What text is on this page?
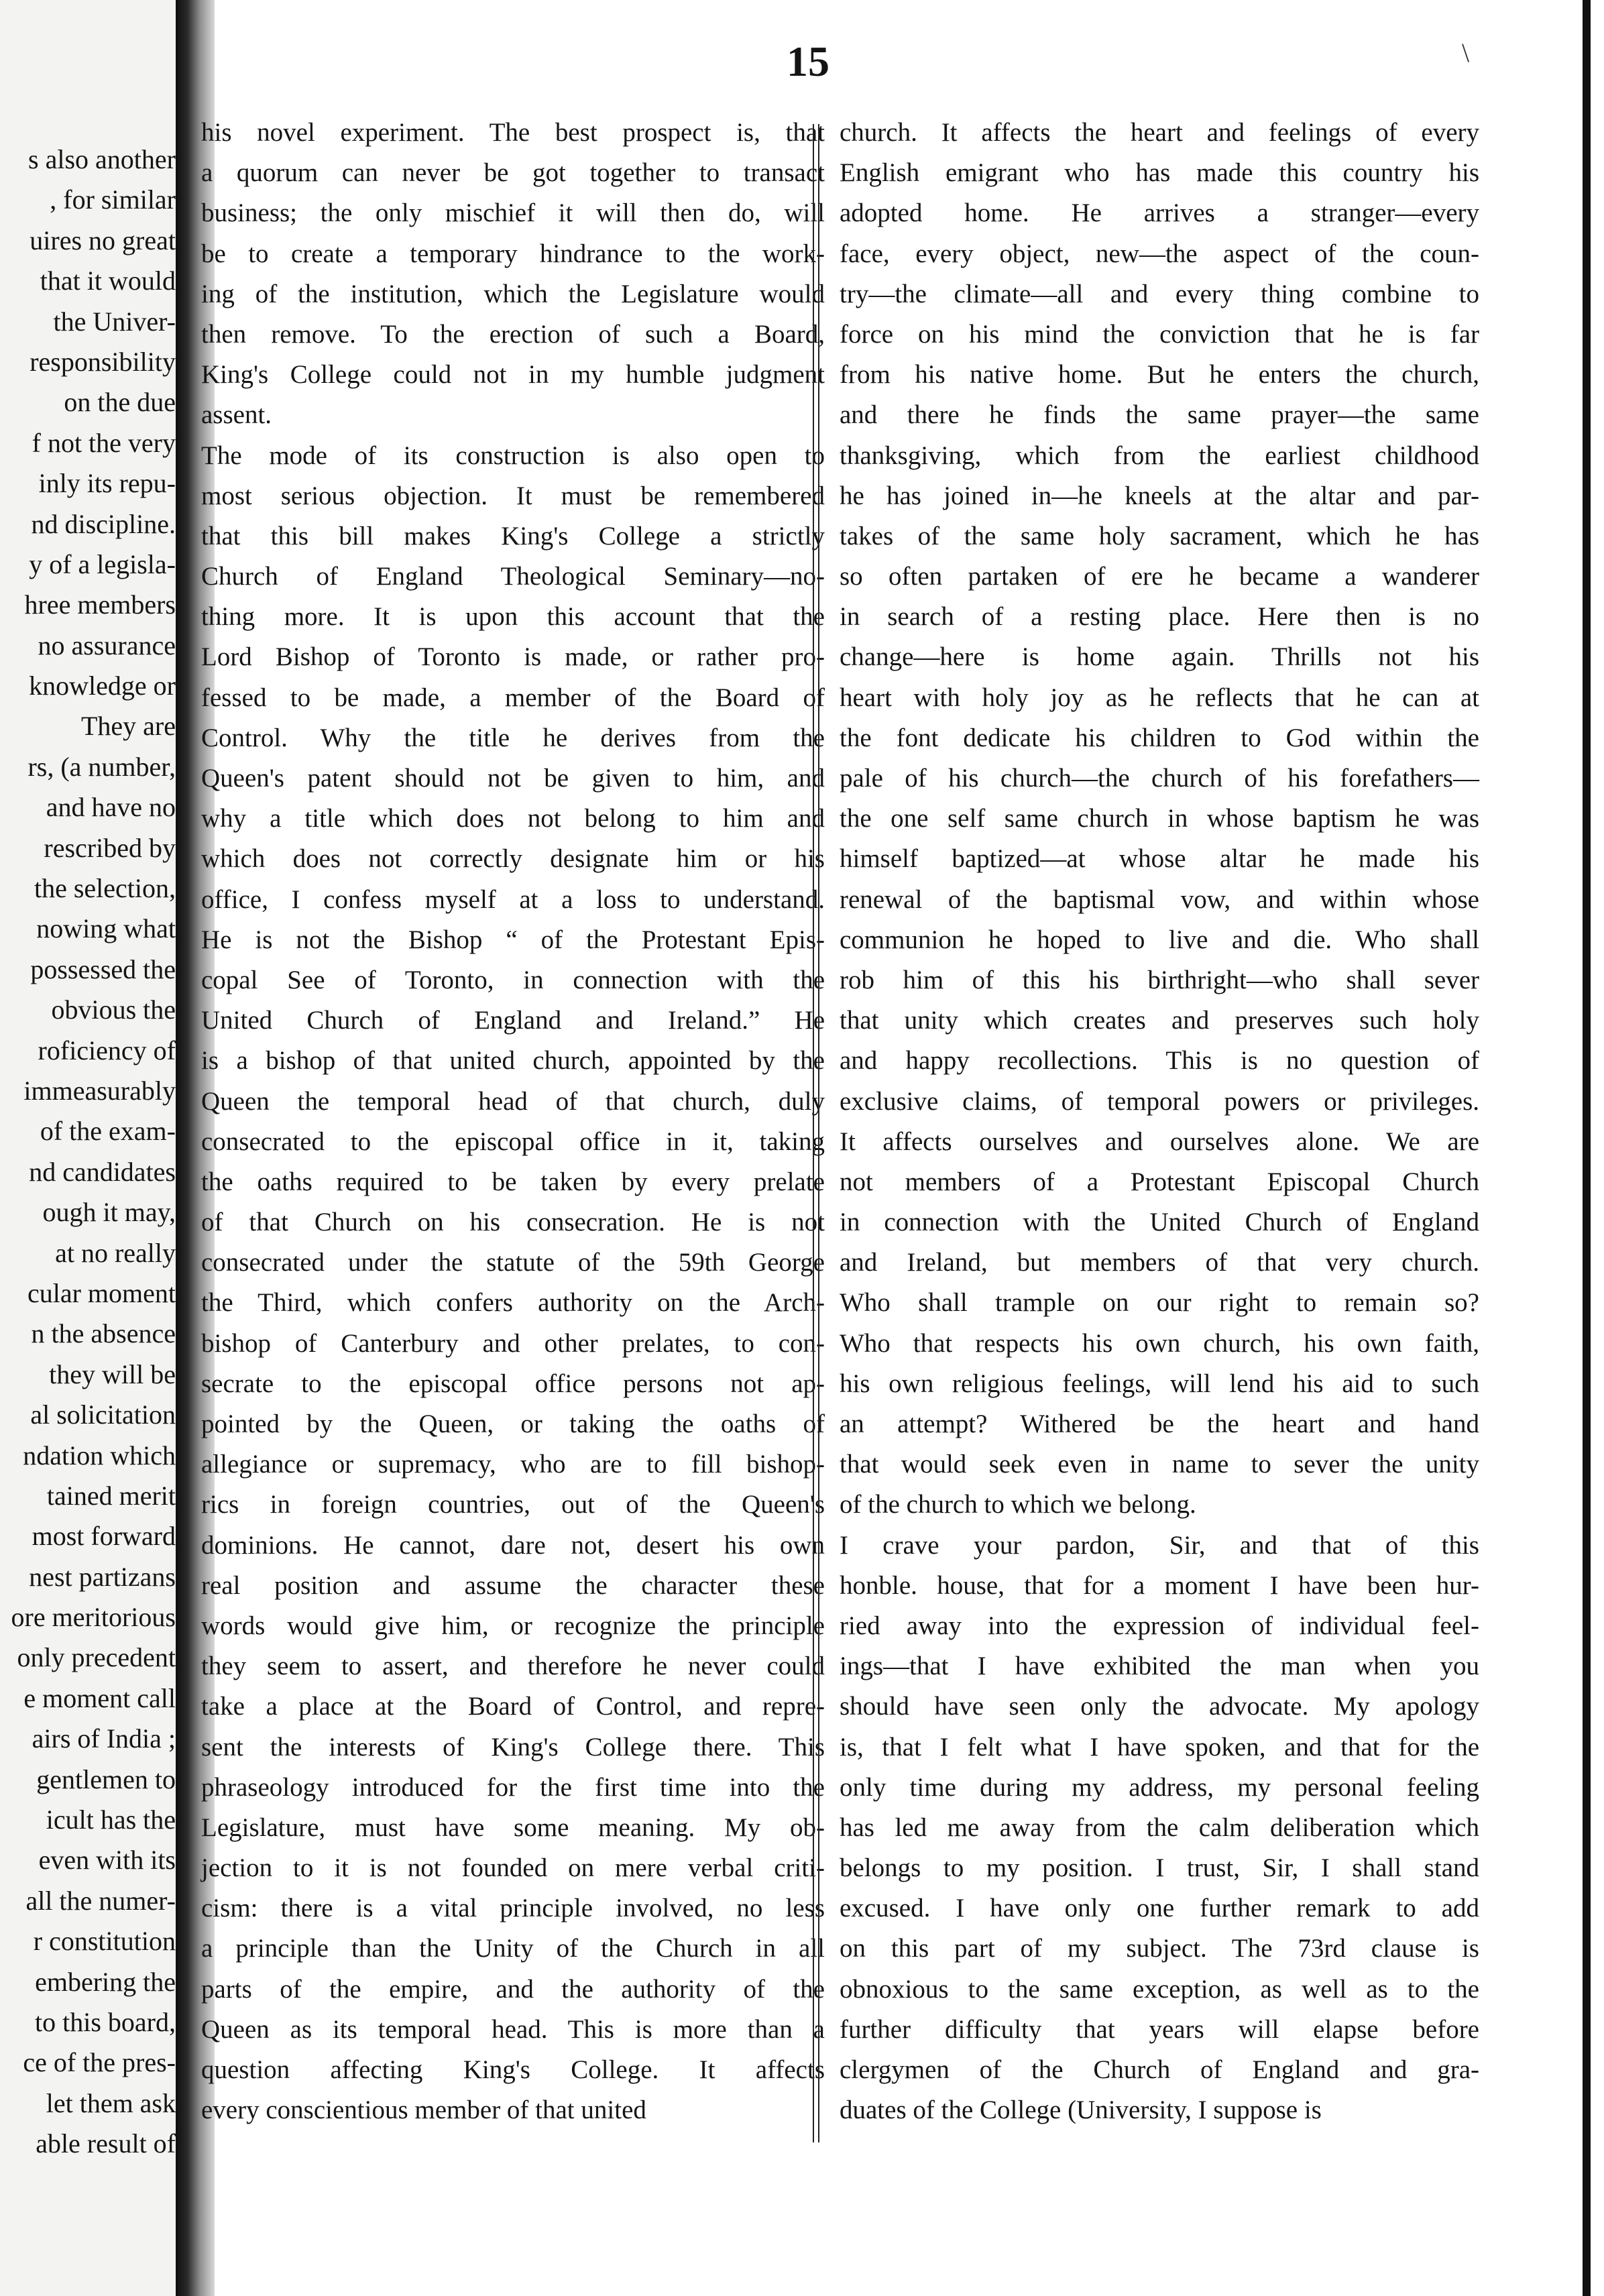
s also another
, for similar
uires no great
that it would
the Univer-
responsibility
on the due
f not the very
inly its repu-
nd discipline.
y of a legisla-
hree members
no assurance
knowledge or
They are
rs, (a number,
and have no
rescribed by
the selection,
nowing what
possessed the
obvious the
roficiency of
immeasurably
of the exam-
nd candidates
ough it may,
at no really
cular moment
n the absence
they will be
al solicitation
ndation which
tained merit
most forward
nest partizans
ore meritorious
only precedent
e moment call
airs of India ;
gentlemen to
icult has the
even with its
all the numer-
r constitution
embering the
to this board,
ce of the pres-
let them ask
able result of
15	\

his novel experiment. The best prospect is, that
a quorum can never be got together to transact
business; the only mischief it will then do, will
be to create a temporary hindrance to the work-
ing of the institution, which the Legislature would
then remove. To the erection of such a Board,
King's College could not in my humble judgment
assent.

The mode of its construction is also open to
most serious objection. It must be remembered
that this bill makes King's College a strictly
Church of England Theological Seminary—no-
thing more. It is upon this account that the
Lord Bishop of Toronto is made, or rather pro-
fessed to be made, a member of the Board of
Control. Why the title he derives from the
Queen's patent should not be given to him, and
why a title which does not belong to him and
which does not correctly designate him or his
office, I confess myself at a loss to understand.
He is not the Bishop “ of the Protestant Epis-
copal See of Toronto, in connection with the
United Church of England and Ireland.” He
is a bishop of that united church, appointed by the
Queen the temporal head of that church, duly
consecrated to the episcopal office in it, taking
the oaths required to be taken by every prelate
of that Church on his consecration. He is not
consecrated under the statute of the 59th George
the Third, which confers authority on the Arch-
bishop of Canterbury and other prelates, to con-
secrate to the episcopal office persons not ap-
pointed by the Queen, or taking the oaths of
allegiance or supremacy, who are to fill bishop-
rics in foreign countries, out of the Queen's
dominions. He cannot, dare not, desert his own
real position and assume the character these
words would give him, or recognize the principle
they seem to assert, and therefore he never could
take a place at the Board of Control, and repre-
sent the interests of King's College there. This
phraseology introduced for the first time into the
Legislature, must have some meaning. My ob-
jection to it is not founded on mere verbal criti-
cism: there is a vital principle involved, no less
a principle than the Unity of the Church in all
parts of the empire, and the authority of the
Queen as its temporal head. This is more than a
question affecting King's College. It affects
every conscientious member of that united

church. It affects the heart and feelings of every
English emigrant who has made this country his
adopted home. He arrives a stranger—every
face, every object, new—the aspect of the coun-
try—the climate—all and every thing combine to
force on his mind the conviction that he is far
from his native home. But he enters the church,
and there he finds the same prayer—the same
thanksgiving, which from the earliest childhood
he has joined in—he kneels at the altar and par-
takes of the same holy sacrament, which he has
so often partaken of ere he became a wanderer
in search of a resting place. Here then is no
change—here is home again. Thrills not his
heart with holy joy as he reflects that he can at
the font dedicate his children to God within the
pale of his church—the church of his forefathers—
the one self same church in whose baptism he was
himself baptized—at whose altar he made his
renewal of the baptismal vow, and within whose
communion he hoped to live and die. Who shall
rob him of this his birthright—who shall sever
that unity which creates and preserves such holy
and happy recollections. This is no question of
exclusive claims, of temporal powers or privileges.
It affects ourselves and ourselves alone. We are
not members of a Protestant Episcopal Church
in connection with the United Church of England
and Ireland, but members of that very church.
Who shall trample on our right to remain so?
Who that respects his own church, his own faith,
his own religious feelings, will lend his aid to such
an attempt? Withered be the heart and hand
that would seek even in name to sever the unity
of the church to which we belong.

I crave your pardon, Sir, and that of this
honble. house, that for a moment I have been hur-
ried away into the expression of individual feel-
ings—that I have exhibited the man when you
should have seen only the advocate. My apology
is, that I felt what I have spoken, and that for the
only time during my address, my personal feeling
has led me away from the calm deliberation which
belongs to my position. I trust, Sir, I shall stand
excused. I have only one further remark to add
on this part of my subject. The 73rd clause is
obnoxious to the same exception, as well as to the
further difficulty that years will elapse before
clergymen of the Church of England and gra-
duates of the College (University, I suppose is
